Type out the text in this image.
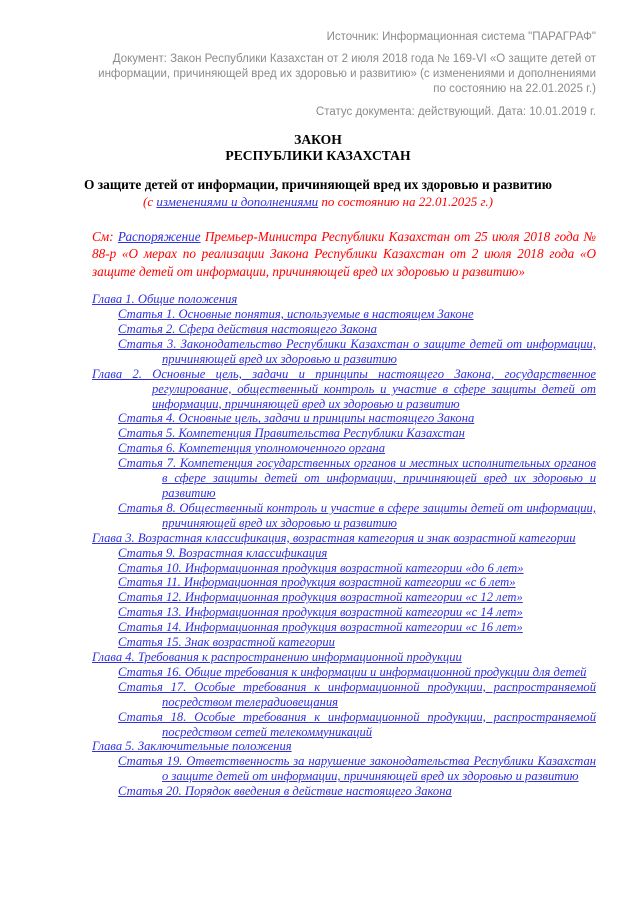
Источник: Информационная система "ПАРАГРАФ"
Документ: Закон Республики Казахстан от 2 июля 2018 года № 169-VI «О защите детей от информации, причиняющей вред их здоровью и развитию» (с изменениями и дополнениями по состоянию на 22.01.2025 г.)
Статус документа: действующий. Дата: 10.01.2019 г.
ЗАКОН
РЕСПУБЛИКИ КАЗАХСТАН
О защите детей от информации, причиняющей вред их здоровью и развитию
(с изменениями и дополнениями по состоянию на 22.01.2025 г.)
См: Распоряжение Премьер-Министра Республики Казахстан от 25 июля 2018 года № 88-р «О мерах по реализации Закона Республики Казахстан от 2 июля 2018 года «О защите детей от информации, причиняющей вред их здоровью и развитию»
Глава 1. Общие положения
Статья 1. Основные понятия, используемые в настоящем Законе
Статья 2. Сфера действия настоящего Закона
Статья 3. Законодательство Республики Казахстан о защите детей от информации, причиняющей вред их здоровью и развитию
Глава 2. Основные цель, задачи и принципы настоящего Закона, государственное регулирование, общественный контроль и участие в сфере защиты детей от информации, причиняющей вред их здоровью и развитию
Статья 4. Основные цель, задачи и принципы настоящего Закона
Статья 5. Компетенция Правительства Республики Казахстан
Статья 6. Компетенция уполномоченного органа
Статья 7. Компетенция государственных органов и местных исполнительных органов в сфере защиты детей от информации, причиняющей вред их здоровью и развитию
Статья 8. Общественный контроль и участие в сфере защиты детей от информации, причиняющей вред их здоровью и развитию
Глава 3. Возрастная классификация, возрастная категория и знак возрастной категории
Статья 9. Возрастная классификация
Статья 10. Информационная продукция возрастной категории «до 6 лет»
Статья 11. Информационная продукция возрастной категории «с 6 лет»
Статья 12. Информационная продукция возрастной категории «с 12 лет»
Статья 13. Информационная продукция возрастной категории «с 14 лет»
Статья 14. Информационная продукция возрастной категории «с 16 лет»
Статья 15. Знак возрастной категории
Глава 4. Требования к распространению информационной продукции
Статья 16. Общие требования к информации и информационной продукции для детей
Статья 17. Особые требования к информационной продукции, распространяемой посредством телерадиовещания
Статья 18. Особые требования к информационной продукции, распространяемой посредством сетей телекоммуникаций
Глава 5. Заключительные положения
Статья 19. Ответственность за нарушение законодательства Республики Казахстан о защите детей от информации, причиняющей вред их здоровью и развитию
Статья 20. Порядок введения в действие настоящего Закона
